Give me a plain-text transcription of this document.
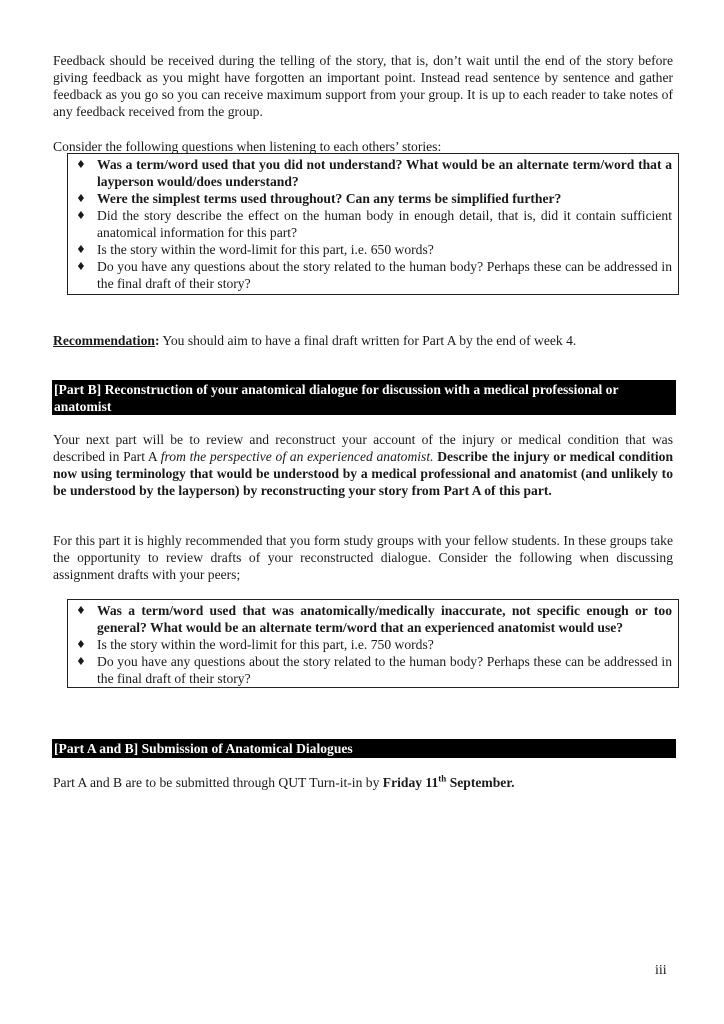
Feedback should be received during the telling of the story, that is, don’t wait until the end of the story before giving feedback as you might have forgotten an important point. Instead read sentence by sentence and gather feedback as you go so you can receive maximum support from your group. It is up to each reader to take notes of any feedback received from the group.

Consider the following questions when listening to each others’ stories:

♦ Was a term/word used that you did not understand? What would be an alternate term/word that a layperson would/does understand?
♦ Were the simplest terms used throughout? Can any terms be simplified further?
♦ Did the story describe the effect on the human body in enough detail, that is, did it contain sufficient anatomical information for this part?
♦ Is the story within the word-limit for this part, i.e. 650 words?
♦ Do you have any questions about the story related to the human body? Perhaps these can be addressed in the final draft of their story?

Recommendation: You should aim to have a final draft written for Part A by the end of week 4.

[Part B] Reconstruction of your anatomical dialogue for discussion with a medical professional or anatomist

Your next part will be to review and reconstruct your account of the injury or medical condition that was described in Part A from the perspective of an experienced anatomist. Describe the injury or medical condition now using terminology that would be understood by a medical professional and anatomist (and unlikely to be understood by the layperson) by reconstructing your story from Part A of this part.

For this part it is highly recommended that you form study groups with your fellow students. In these groups take the opportunity to review drafts of your reconstructed dialogue. Consider the following when discussing assignment drafts with your peers;

♦ Was a term/word used that was anatomically/medically inaccurate, not specific enough or too general? What would be an alternate term/word that an experienced anatomist would use?
♦ Is the story within the word-limit for this part, i.e. 750 words?
♦ Do you have any questions about the story related to the human body? Perhaps these can be addressed in the final draft of their story?
[Part A and B] Submission of Anatomical Dialogues

Part A and B are to be submitted through QUT Turn-it-in by Friday 11th September.

iii
